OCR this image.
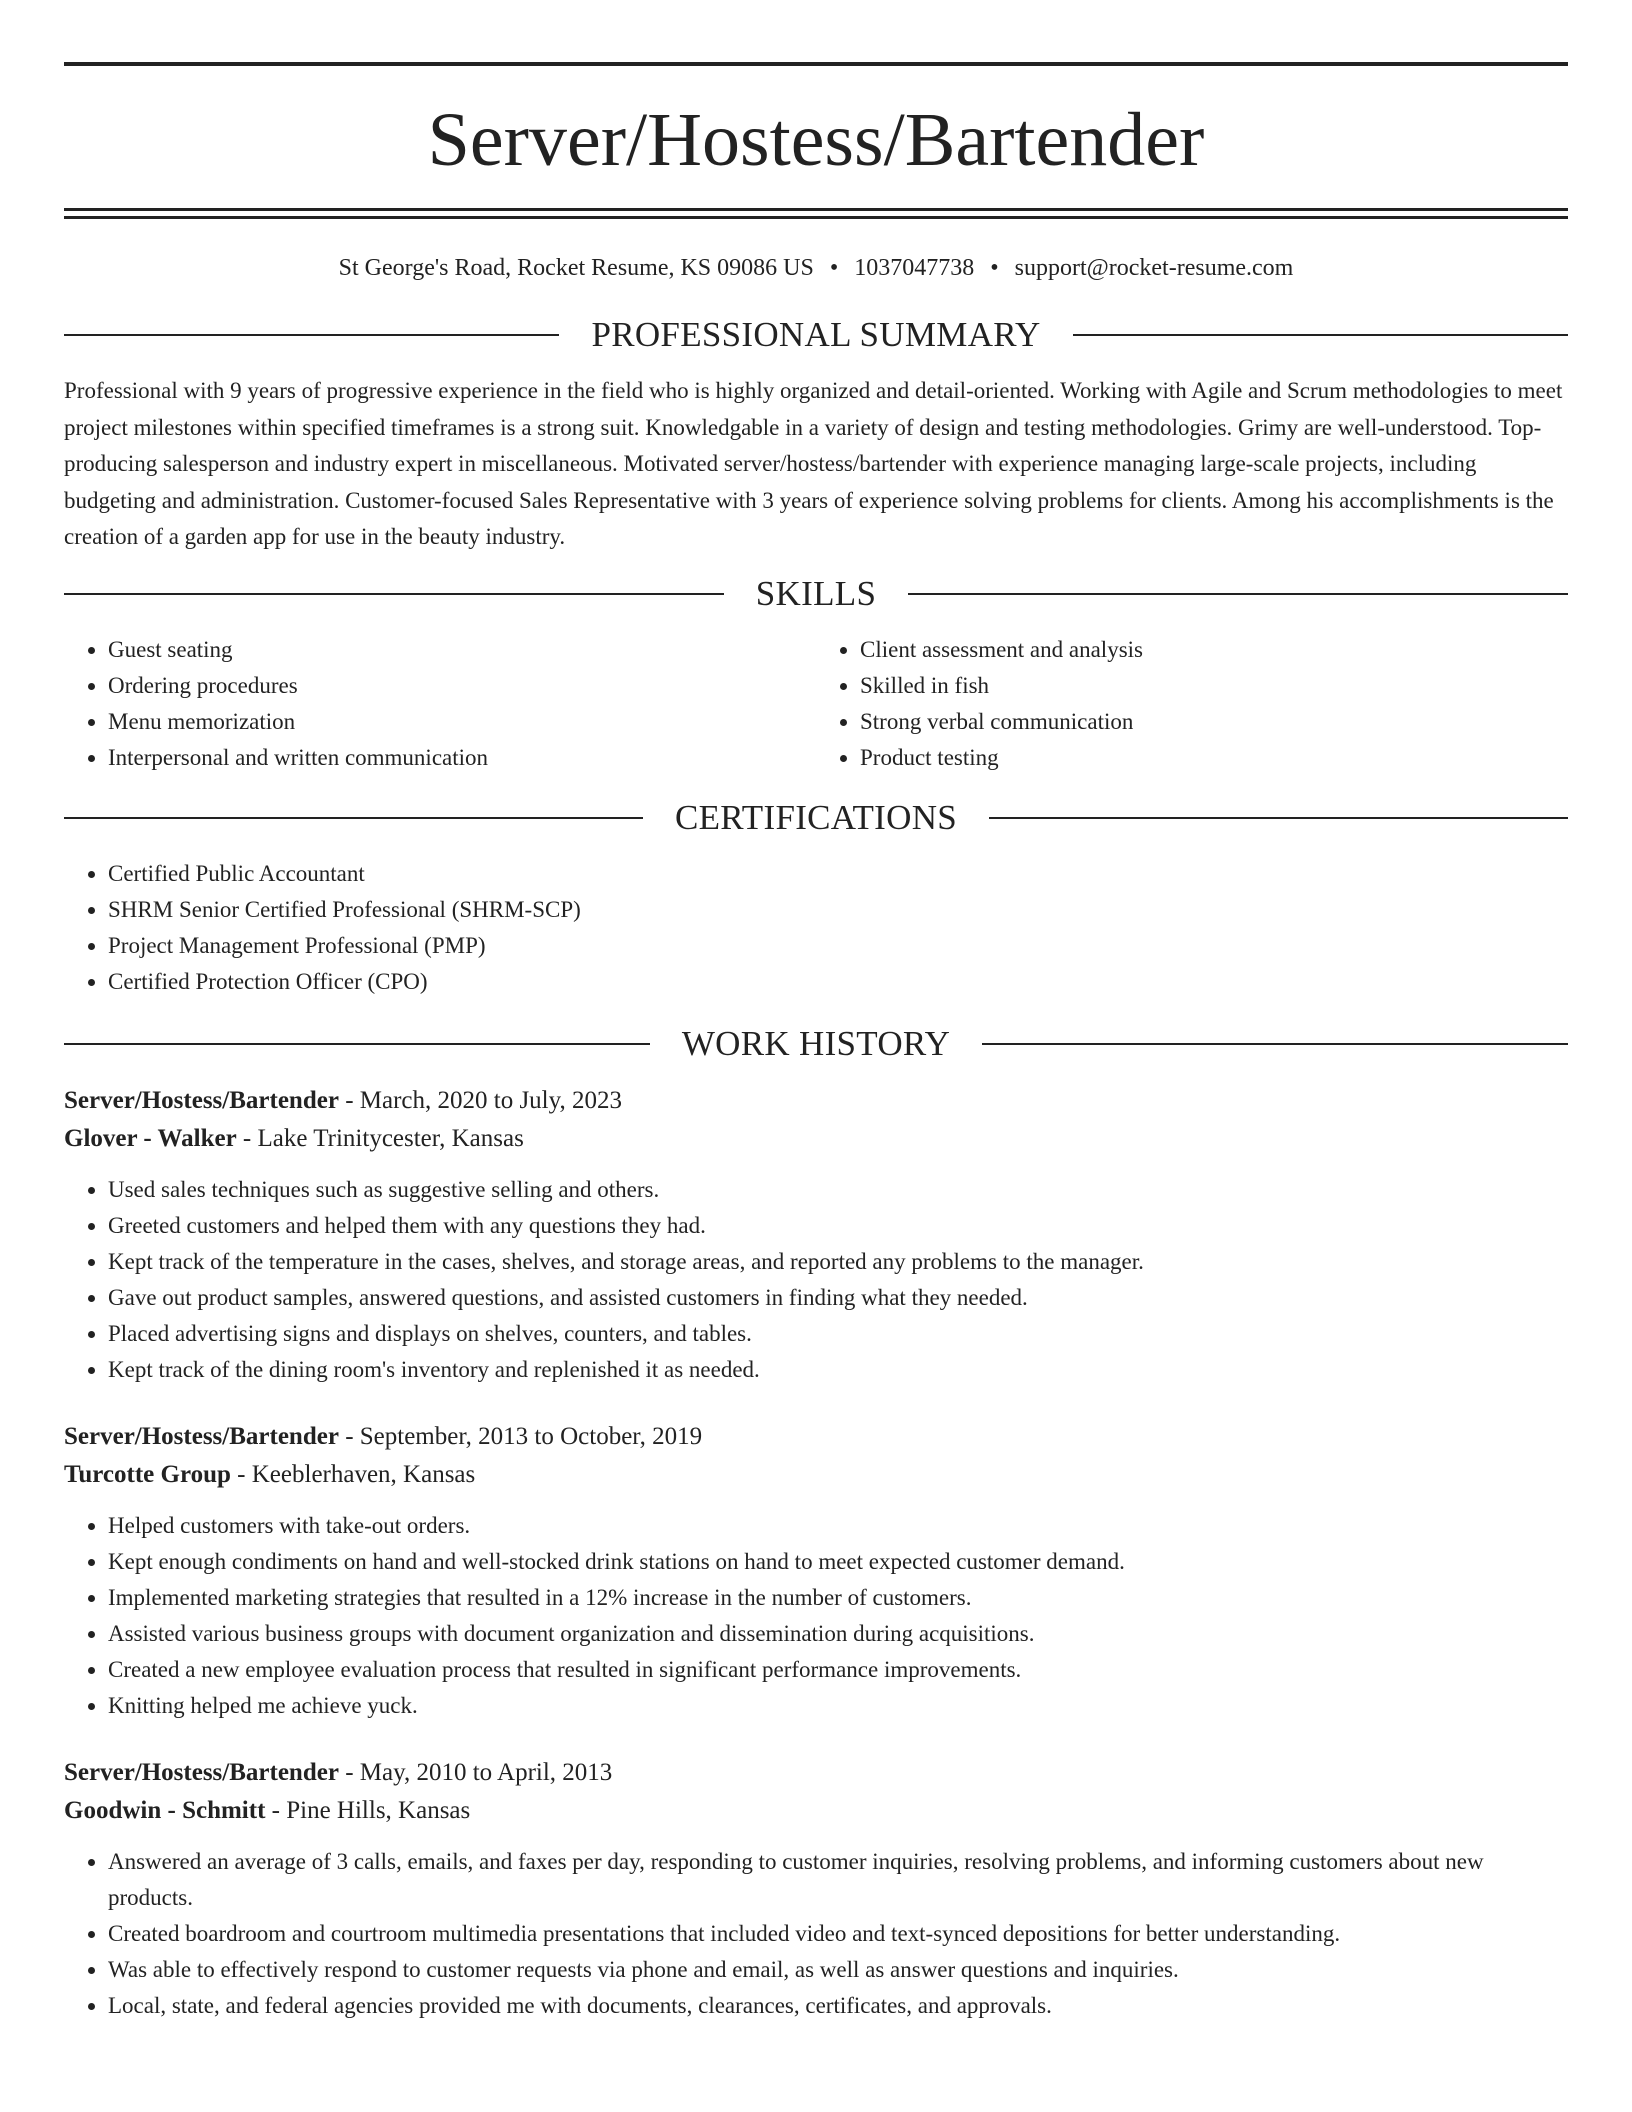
Server/Hostess/Bartender
St George's Road, Rocket Resume, KS 09086 US • 1037047738 • support@rocket-resume.com
PROFESSIONAL SUMMARY

Professional with 9 years of progressive experience in the field who is highly organized and detail-oriented. Working with Agile and Scrum methodologies to meet project milestones within specified timeframes is a strong suit. Knowledgable in a variety of design and testing methodologies. Grimy are well-understood. Top-producing salesperson and industry expert in miscellaneous. Motivated server/hostess/bartender with experience managing large-scale projects, including budgeting and administration. Customer-focused Sales Representative with 3 years of experience solving problems for clients. Among his accomplishments is the creation of a garden app for use in the beauty industry.

SKILLS
• Guest seating
• Ordering procedures
• Menu memorization
• Interpersonal and written communication
• Client assessment and analysis
• Skilled in fish
• Strong verbal communication
• Product testing
CERTIFICATIONS
• Certified Public Accountant
• SHRM Senior Certified Professional (SHRM-SCP)
• Project Management Professional (PMP)
• Certified Protection Officer (CPO)
WORK HISTORY
Server/Hostess/Bartender - March, 2020 to July, 2023
Glover - Walker - Lake Trinitycester, Kansas
• Used sales techniques such as suggestive selling and others.
• Greeted customers and helped them with any questions they had.
• Kept track of the temperature in the cases, shelves, and storage areas, and reported any problems to the manager.
• Gave out product samples, answered questions, and assisted customers in finding what they needed.
• Placed advertising signs and displays on shelves, counters, and tables.
• Kept track of the dining room's inventory and replenished it as needed.
Server/Hostess/Bartender - September, 2013 to October, 2019
Turcotte Group - Keeblerhaven, Kansas
• Helped customers with take-out orders.
• Kept enough condiments on hand and well-stocked drink stations on hand to meet expected customer demand.
• Implemented marketing strategies that resulted in a 12% increase in the number of customers.
• Assisted various business groups with document organization and dissemination during acquisitions.
• Created a new employee evaluation process that resulted in significant performance improvements.
• Knitting helped me achieve yuck.
Server/Hostess/Bartender - May, 2010 to April, 2013
Goodwin - Schmitt - Pine Hills, Kansas
• Answered an average of 3 calls, emails, and faxes per day, responding to customer inquiries, resolving problems, and informing customers about new products.
• Created boardroom and courtroom multimedia presentations that included video and text-synced depositions for better understanding.
• Was able to effectively respond to customer requests via phone and email, as well as answer questions and inquiries.
• Local, state, and federal agencies provided me with documents, clearances, certificates, and approvals.
